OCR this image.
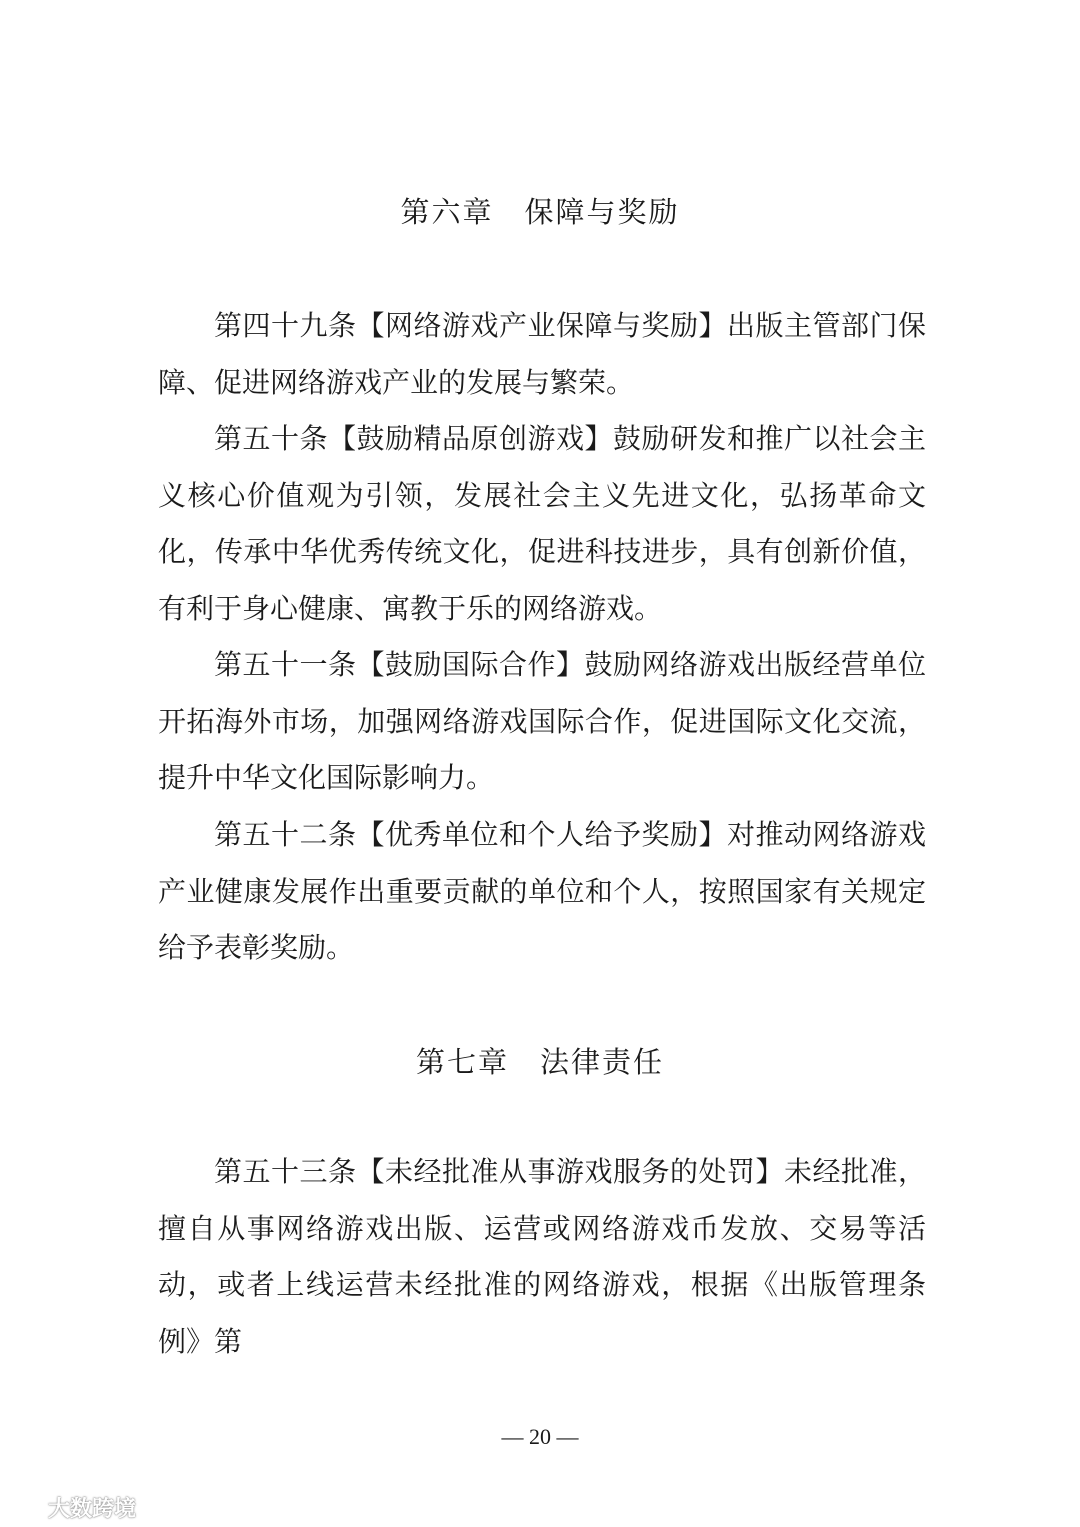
第六章　保障与奖励

第四十九条【网络游戏产业保障与奖励】出版主管部门保障、促进网络游戏产业的发展与繁荣。

第五十条【鼓励精品原创游戏】鼓励研发和推广以社会主义核心价值观为引领，发展社会主义先进文化，弘扬革命文化，传承中华优秀传统文化，促进科技进步，具有创新价值，有利于身心健康、寓教于乐的网络游戏。

第五十一条【鼓励国际合作】鼓励网络游戏出版经营单位开拓海外市场，加强网络游戏国际合作，促进国际文化交流，提升中华文化国际影响力。

第五十二条【优秀单位和个人给予奖励】对推动网络游戏产业健康发展作出重要贡献的单位和个人，按照国家有关规定给予表彰奖励。

第七章　法律责任

第五十三条【未经批准从事游戏服务的处罚】未经批准，擅自从事网络游戏出版、运营或网络游戏币发放、交易等活动，或者上线运营未经批准的网络游戏，根据《出版管理条例》第

— 20 —
大数跨境
